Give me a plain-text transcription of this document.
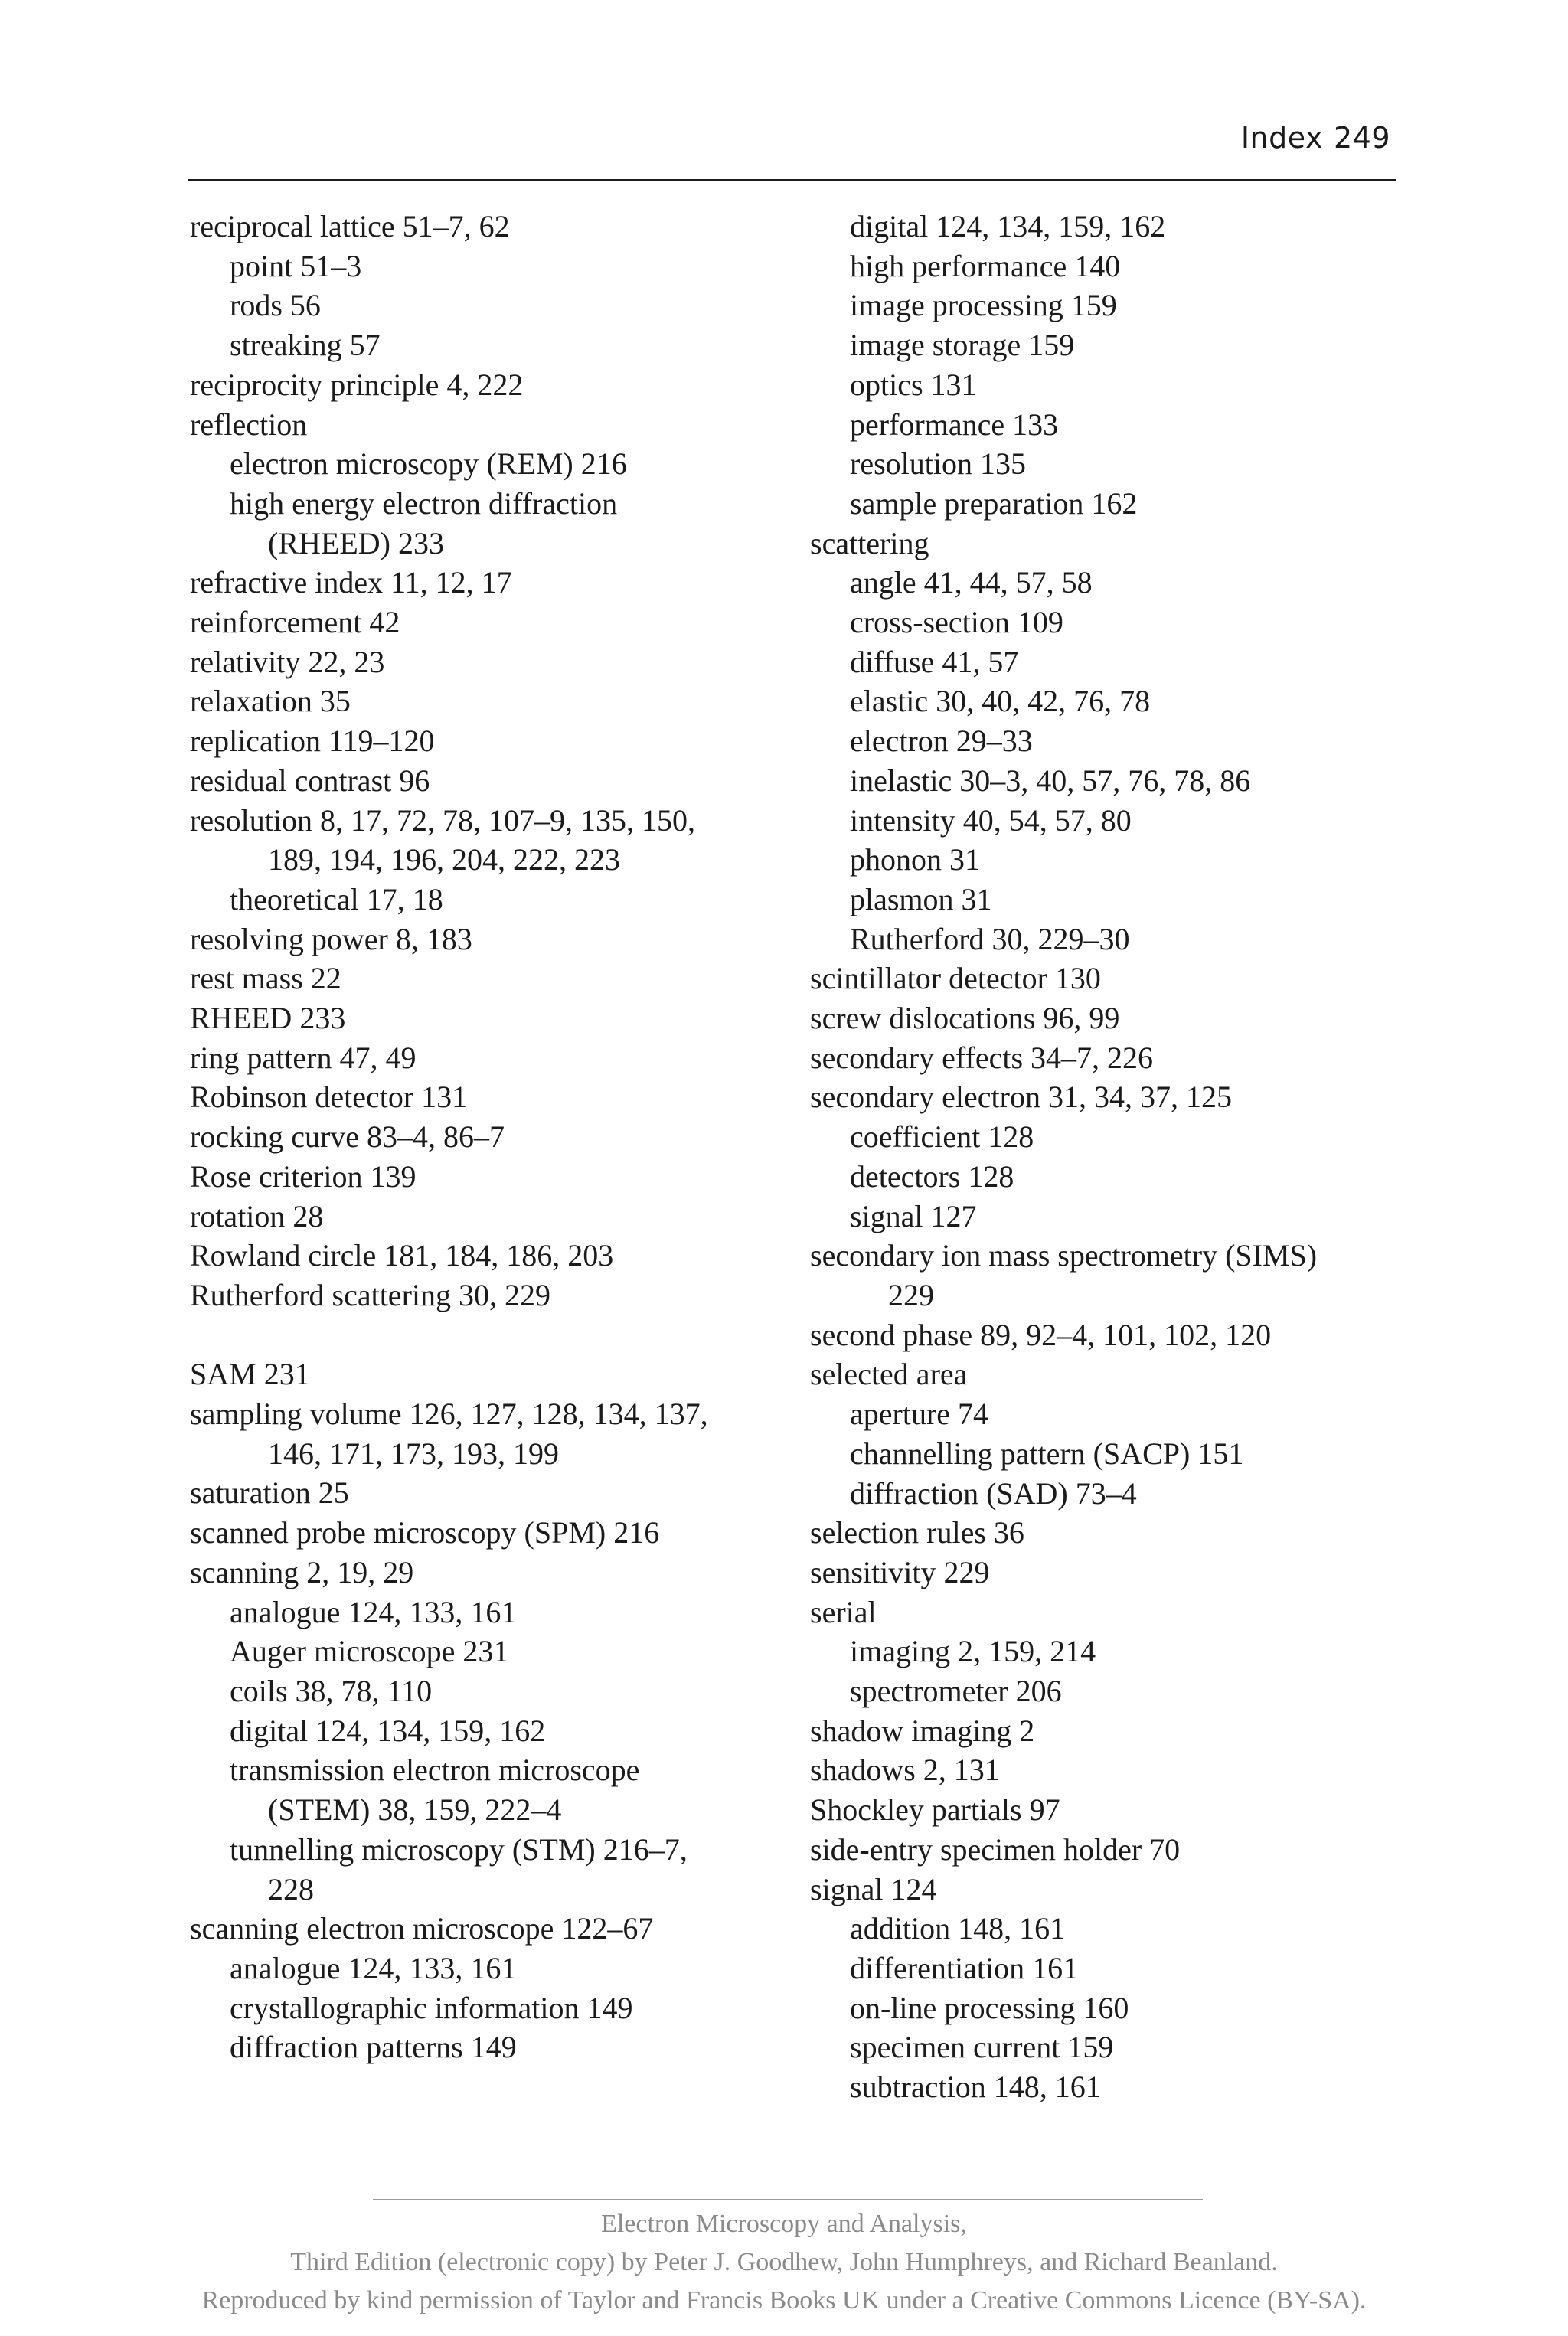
Index 249
reciprocal lattice 51–7, 62
point 51–3
rods 56
streaking 57
reciprocity principle 4, 222
reflection
electron microscopy (REM) 216
high energy electron diffraction
(RHEED) 233
refractive index 11, 12, 17
reinforcement 42
relativity 22, 23
relaxation 35
replication 119–120
residual contrast 96
resolution 8, 17, 72, 78, 107–9, 135, 150,
189, 194, 196, 204, 222, 223
theoretical 17, 18
resolving power 8, 183
rest mass 22
RHEED 233
ring pattern 47, 49
Robinson detector 131
rocking curve 83–4, 86–7
Rose criterion 139
rotation 28
Rowland circle 181, 184, 186, 203
Rutherford scattering 30, 229
SAM 231
sampling volume 126, 127, 128, 134, 137,
146, 171, 173, 193, 199
saturation 25
scanned probe microscopy (SPM) 216
scanning 2, 19, 29
analogue 124, 133, 161
Auger microscope 231
coils 38, 78, 110
digital 124, 134, 159, 162
transmission electron microscope
(STEM) 38, 159, 222–4
tunnelling microscopy (STM) 216–7,
228
scanning electron microscope 122–67
analogue 124, 133, 161
crystallographic information 149
diffraction patterns 149
digital 124, 134, 159, 162
high performance 140
image processing 159
image storage 159
optics 131
performance 133
resolution 135
sample preparation 162
scattering
angle 41, 44, 57, 58
cross-section 109
diffuse 41, 57
elastic 30, 40, 42, 76, 78
electron 29–33
inelastic 30–3, 40, 57, 76, 78, 86
intensity 40, 54, 57, 80
phonon 31
plasmon 31
Rutherford 30, 229–30
scintillator detector 130
screw dislocations 96, 99
secondary effects 34–7, 226
secondary electron 31, 34, 37, 125
coefficient 128
detectors 128
signal 127
secondary ion mass spectrometry (SIMS)
229
second phase 89, 92–4, 101, 102, 120
selected area
aperture 74
channelling pattern (SACP) 151
diffraction (SAD) 73–4
selection rules 36
sensitivity 229
serial
imaging 2, 159, 214
spectrometer 206
shadow imaging 2
shadows 2, 131
Shockley partials 97
side-entry specimen holder 70
signal 124
addition 148, 161
differentiation 161
on-line processing 160
specimen current 159
subtraction 148, 161
Electron Microscopy and Analysis,
Third Edition (electronic copy) by Peter J. Goodhew, John Humphreys, and Richard Beanland.
Reproduced by kind permission of Taylor and Francis Books UK under a Creative Commons Licence (BY-SA).
